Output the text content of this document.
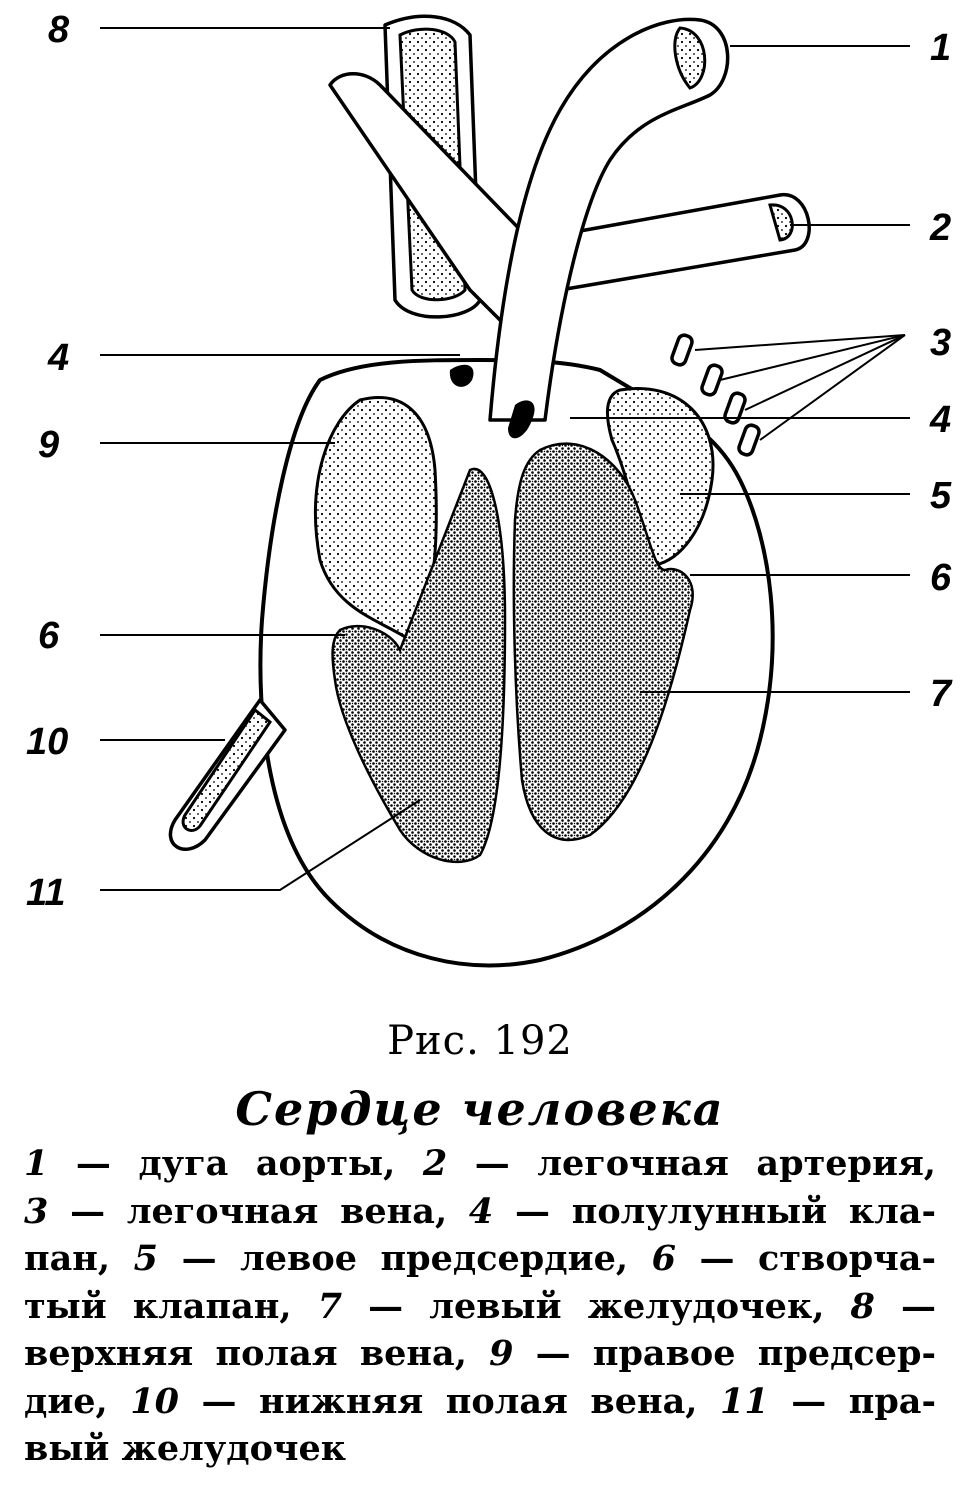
1
2
3
4
5
6
7
8
4
9
6
10
11
Рис. 192
Сердце человека

1 — дуга аорты, 2 — легочная артерия,
3 — легочная вена, 4 — полулунный кла-
пан, 5 — левое предсердие, 6 — створча-
тый клапан, 7 — левый желудочек, 8 —
верхняя полая вена, 9 — правое предсер-
дие, 10 — нижняя полая вена, 11 — пра-
вый желудочек
